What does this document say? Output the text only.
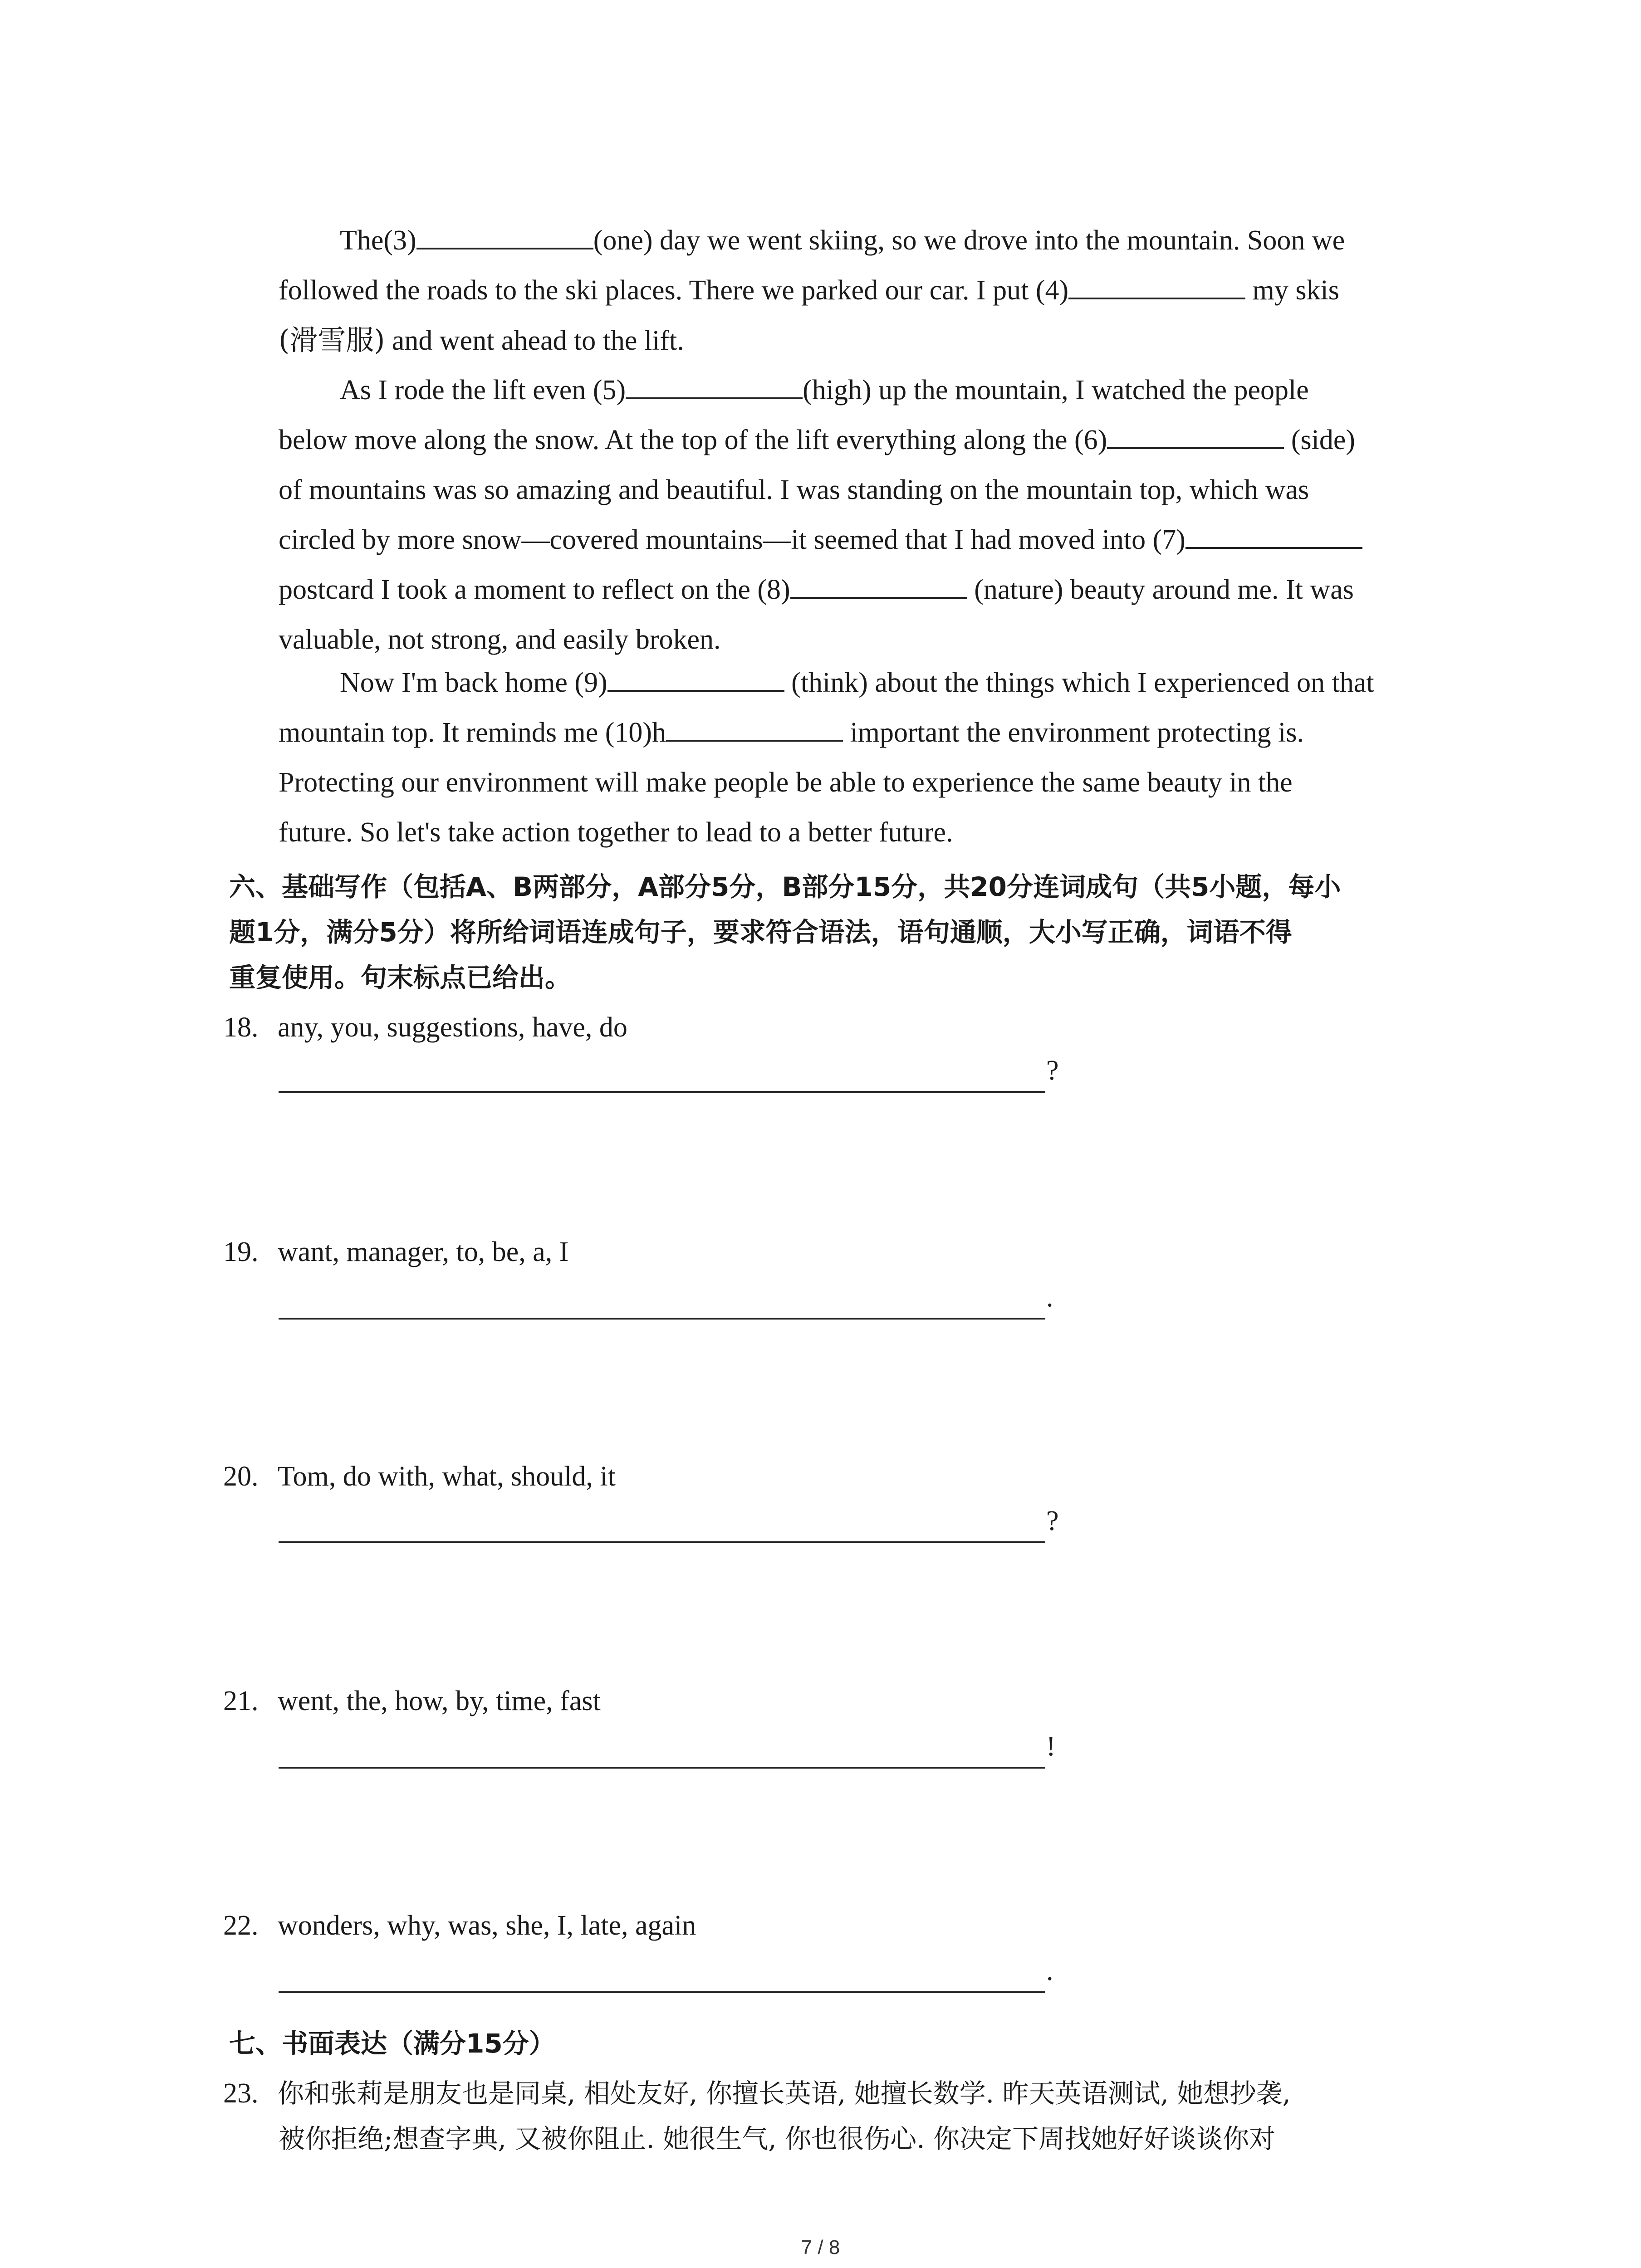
The(3)	(one) day we went skiing, so we drove into the mountain. Soon we
followed the roads to the ski places. There we parked our car. I put (4)	my skis
(滑雪服) and went ahead to the lift.
As I rode the lift even (5)	(high) up the mountain, I watched the people
below move along the snow. At the top of the lift everything along the (6)	(side)
of mountains was so amazing and beautiful. I was standing on the mountain top, which was
circled by more snow—covered mountains—it seemed that I had moved into (7)
postcard I took a moment to reflect on the (8)	(nature) beauty around me. It was
valuable, not strong, and easily broken.
Now I'm back home (9)	(think) about the things which I experienced on that
mountain top. It reminds me (10)h	important the environment protecting is.
Protecting our environment will make people be able to experience the same beauty in the
future. So let's take action together to lead to a better future.
六、基础写作（包括A、B两部分，A部分5分，B部分15分，共20分连词成句（共5小题，每小
题1分，满分5分）将所给词语连成句子，要求符合语法，语句通顺，大小写正确，词语不得
重复使用。句末标点已给出。
18. any, you, suggestions, have, do
?
19. want, manager, to, be, a, I
.
20. Tom, do with, what, should, it
?
21. went, the, how, by, time, fast
!
22. wonders, why, was, she, I, late, again
.
七、书面表达（满分15分）
23. 你和张莉是朋友也是同桌, 相处友好, 你擅长英语, 她擅长数学. 昨天英语测试, 她想抄袭,
被你拒绝;想查字典, 又被你阻止. 她很生气, 你也很伤心. 你决定下周找她好好谈谈你对
7 / 8
